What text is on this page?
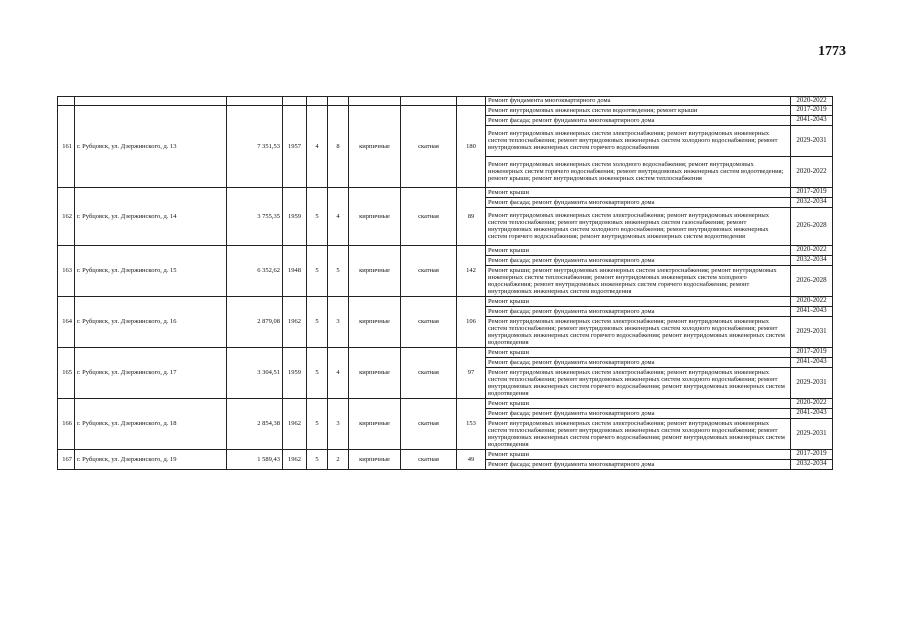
1773
									Ремонт фундамента многоквартирного дома	2020-2022
161	г. Рубцовск, ул. Дзержинского, д. 13	7 351,53	1957	4	8	кирпичные	скатная	180	Ремонт внутридомовых инженерных систем водоотведения; ремонт крыши	2017-2019
									Ремонт фасада; ремонт фундамента многоквартирного дома	2041-2043
									Ремонт внутридомовых инженерных систем электроснабжения; ремонт внутридомовых инженерных систем теплоснабжения; ремонт внутридомовых инженерных систем холодного водоснабжения; ремонт внутридомовых инженерных систем горячего водоснабжения	2029-2031
									Ремонт внутридомовых инженерных систем холодного водоснабжения; ремонт внутридомовых инженерных систем горячего водоснабжения; ремонт внутридомовых инженерных систем водоотведения; ремонт крыши; ремонт внутридомовых инженерных систем теплоснабжения	2020-2022
162	г. Рубцовск, ул. Дзержинского, д. 14	3 755,35	1959	5	4	кирпичные	скатная	89	Ремонт крыши	2017-2019
									Ремонт фасада; ремонт фундамента многоквартирного дома	2032-2034
									Ремонт внутридомовых инженерных систем электроснабжения; ремонт внутридомовых инженерных систем теплоснабжения; ремонт внутридомовых инженерных систем газоснабжения; ремонт внутридомовых инженерных систем холодного водоснабжения; ремонт внутридомовых инженерных систем горячего водоснабжения; ремонт внутридомовых инженерных систем водоотведения	2026-2028
163	г. Рубцовск, ул. Дзержинского, д. 15	6 352,62	1948	5	5	кирпичные	скатная	142	Ремонт крыши	2020-2022
									Ремонт фасада; ремонт фундамента многоквартирного дома	2032-2034
									Ремонт крыши; ремонт внутридомовых инженерных систем электроснабжения; ремонт внутридомовых инженерных систем теплоснабжения; ремонт внутридомовых инженерных систем холодного водоснабжения; ремонт внутридомовых инженерных систем горячего водоснабжения; ремонт внутридомовых инженерных систем водоотведения	2026-2028
164	г. Рубцовск, ул. Дзержинского, д. 16	2 879,08	1962	5	3	кирпичные	скатная	106	Ремонт крыши	2020-2022
									Ремонт фасада; ремонт фундамента многоквартирного дома	2041-2043
									Ремонт внутридомовых инженерных систем электроснабжения; ремонт внутридомовых инженерных систем теплоснабжения; ремонт внутридомовых инженерных систем холодного водоснабжения; ремонт внутридомовых инженерных систем горячего водоснабжения; ремонт внутридомовых инженерных систем водоотведения	2029-2031
165	г. Рубцовск, ул. Дзержинского, д. 17	3 304,51	1959	5	4	кирпичные	скатная	97	Ремонт крыши	2017-2019
									Ремонт фасада; ремонт фундамента многоквартирного дома	2041-2043
									Ремонт внутридомовых инженерных систем электроснабжения; ремонт внутридомовых инженерных систем теплоснабжения; ремонт внутридомовых инженерных систем холодного водоснабжения; ремонт внутридомовых инженерных систем горячего водоснабжения; ремонт внутридомовых инженерных систем водоотведения	2029-2031
166	г. Рубцовск, ул. Дзержинского, д. 18	2 854,38	1962	5	3	кирпичные	скатная	153	Ремонт крыши	2020-2022
									Ремонт фасада; ремонт фундамента многоквартирного дома	2041-2043
									Ремонт внутридомовых инженерных систем электроснабжения; ремонт внутридомовых инженерных систем теплоснабжения; ремонт внутридомовых инженерных систем холодного водоснабжения; ремонт внутридомовых инженерных систем горячего водоснабжения; ремонт внутридомовых инженерных систем водоотведения	2029-2031
167	г. Рубцовск, ул. Дзержинского, д. 19	1 589,43	1962	5	2	кирпичные	скатная	49	Ремонт крыши	2017-2019
									Ремонт фасада; ремонт фундамента многоквартирного дома	2032-2034
